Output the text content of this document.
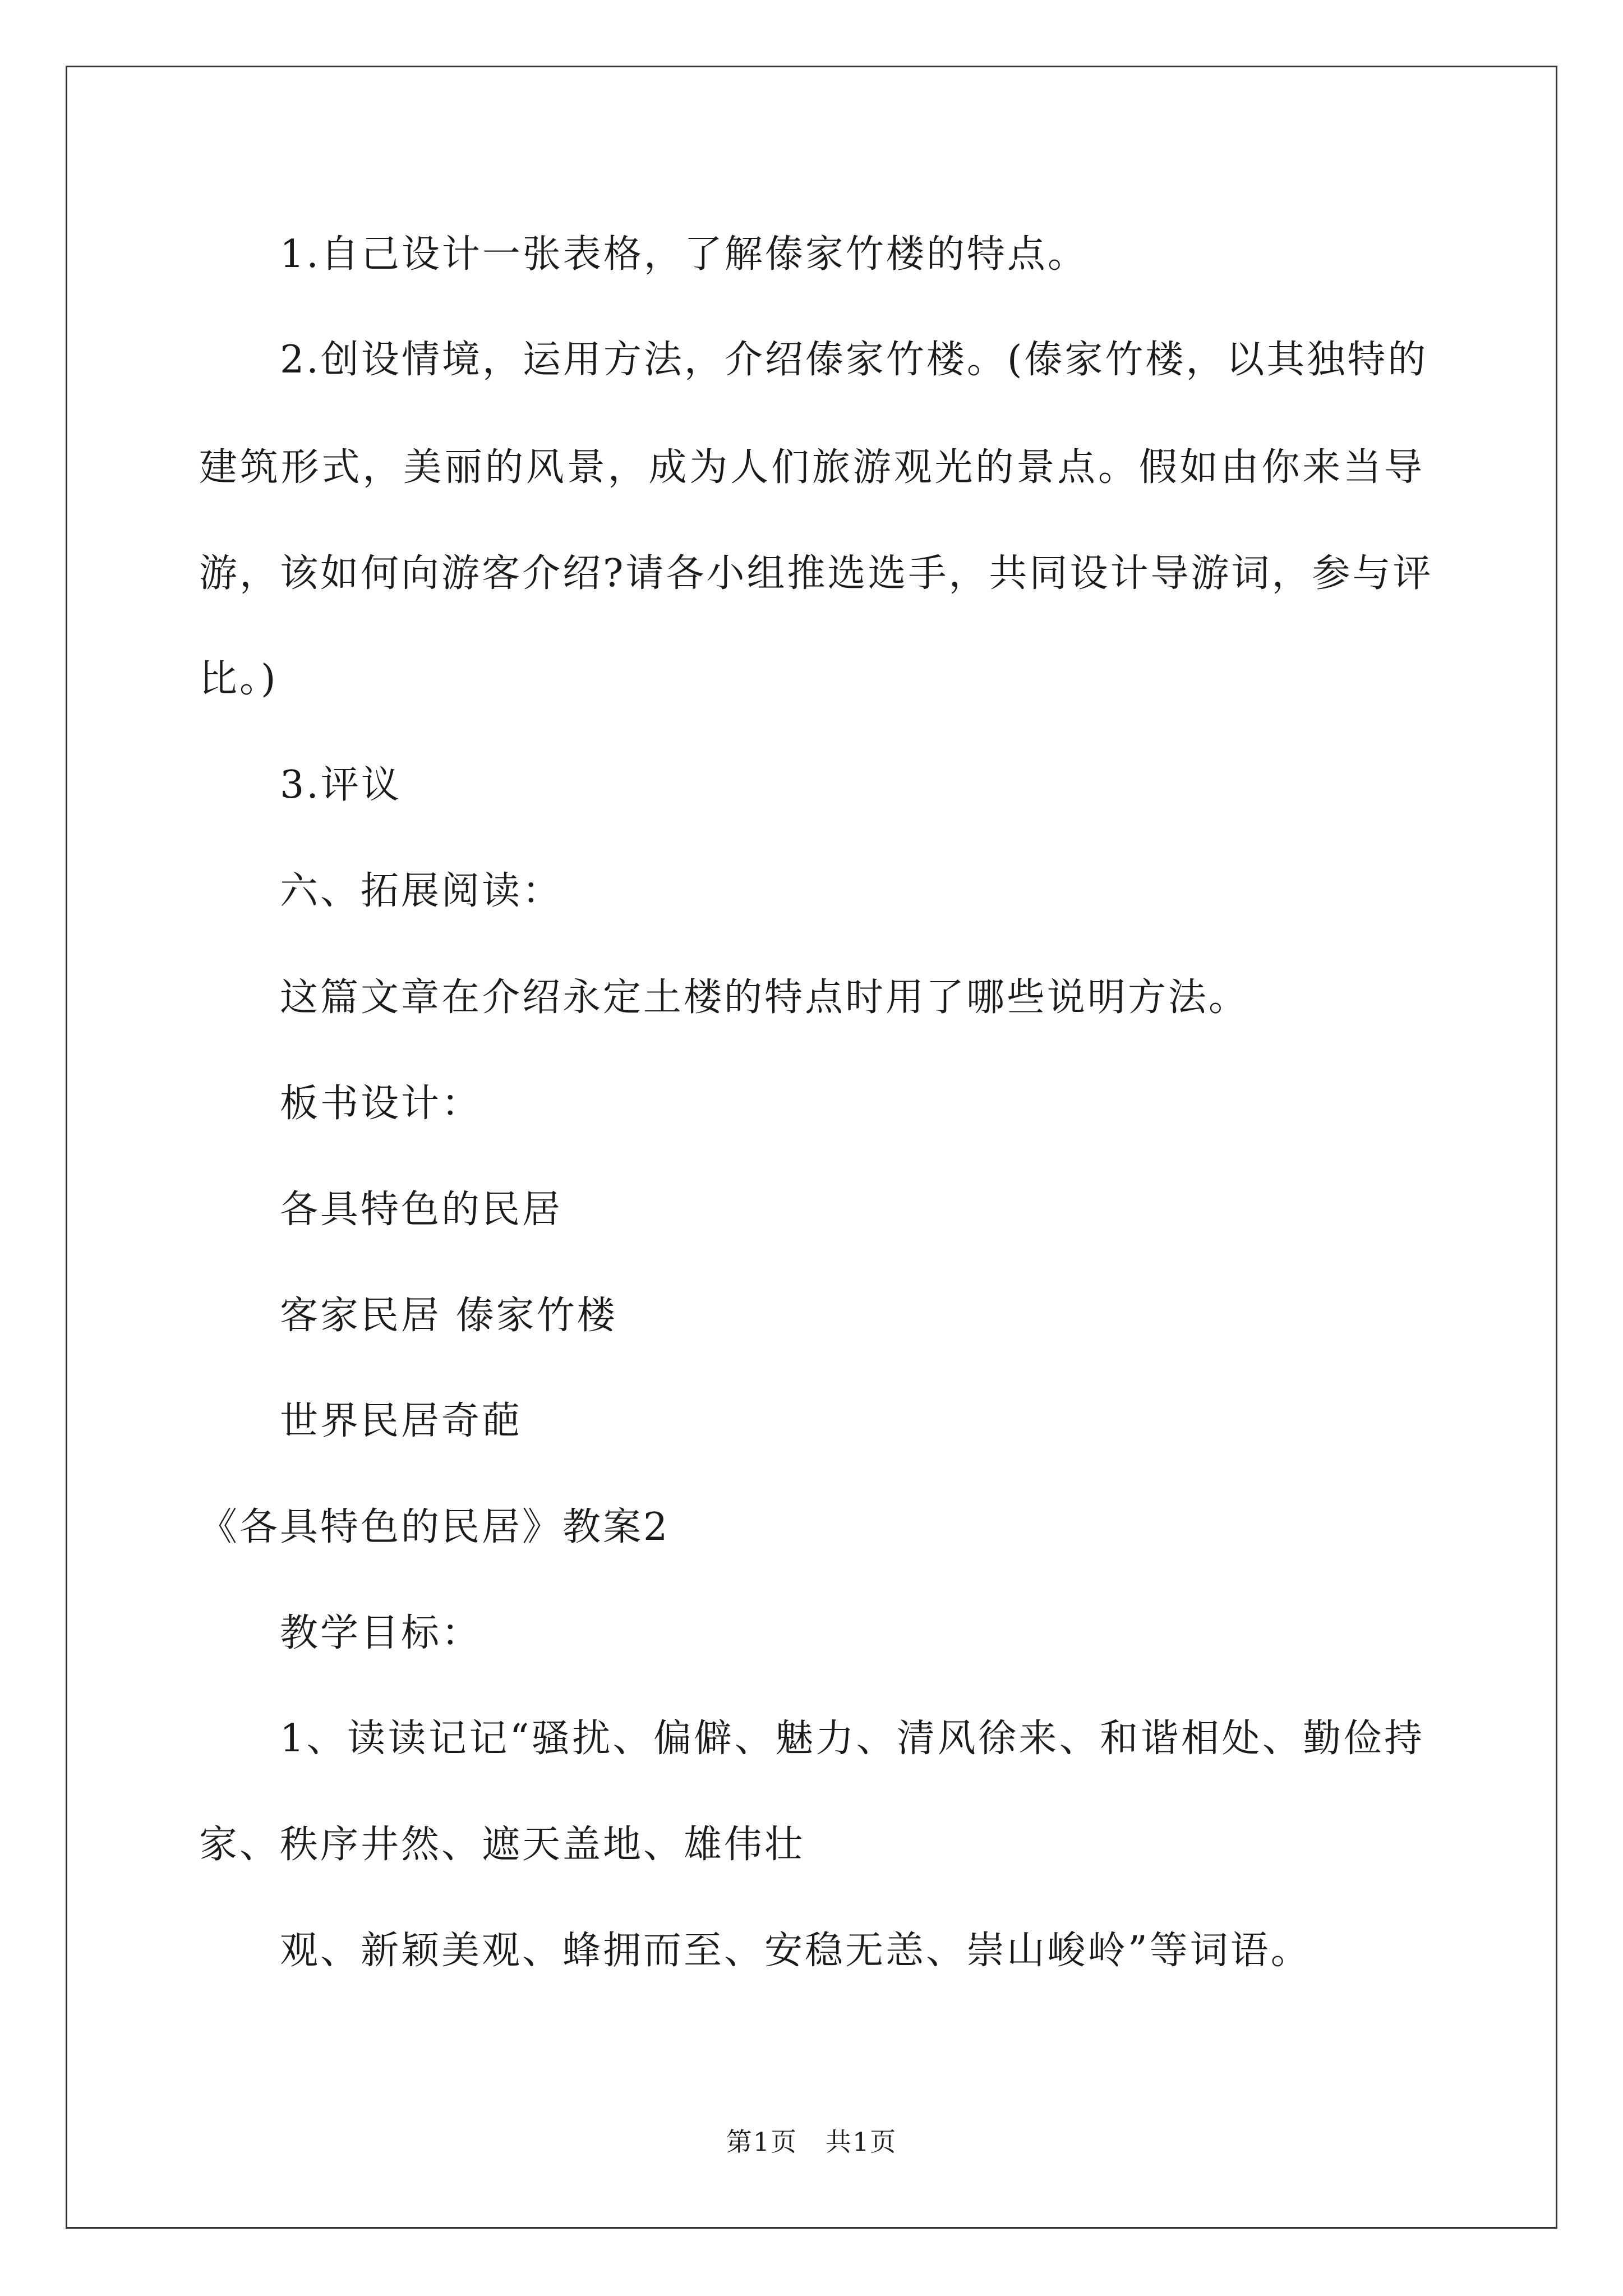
1.自己设计一张表格，了解傣家竹楼的特点。

2.创设情境，运用方法，介绍傣家竹楼。(傣家竹楼，以其独特的

建筑形式，美丽的风景，成为人们旅游观光的景点。假如由你来当导

游，该如何向游客介绍?请各小组推选选手，共同设计导游词，参与评

比。)

3.评议

六、拓展阅读：

这篇文章在介绍永定土楼的特点时用了哪些说明方法。

板书设计：

各具特色的民居

客家民居 傣家竹楼

世界民居奇葩

《各具特色的民居》教案2

教学目标：

1、读读记记“骚扰、偏僻、魅力、清风徐来、和谐相处、勤俭持

家、秩序井然、遮天盖地、雄伟壮

观、新颖美观、蜂拥而至、安稳无恙、崇山峻岭”等词语。

第1页 共1页
